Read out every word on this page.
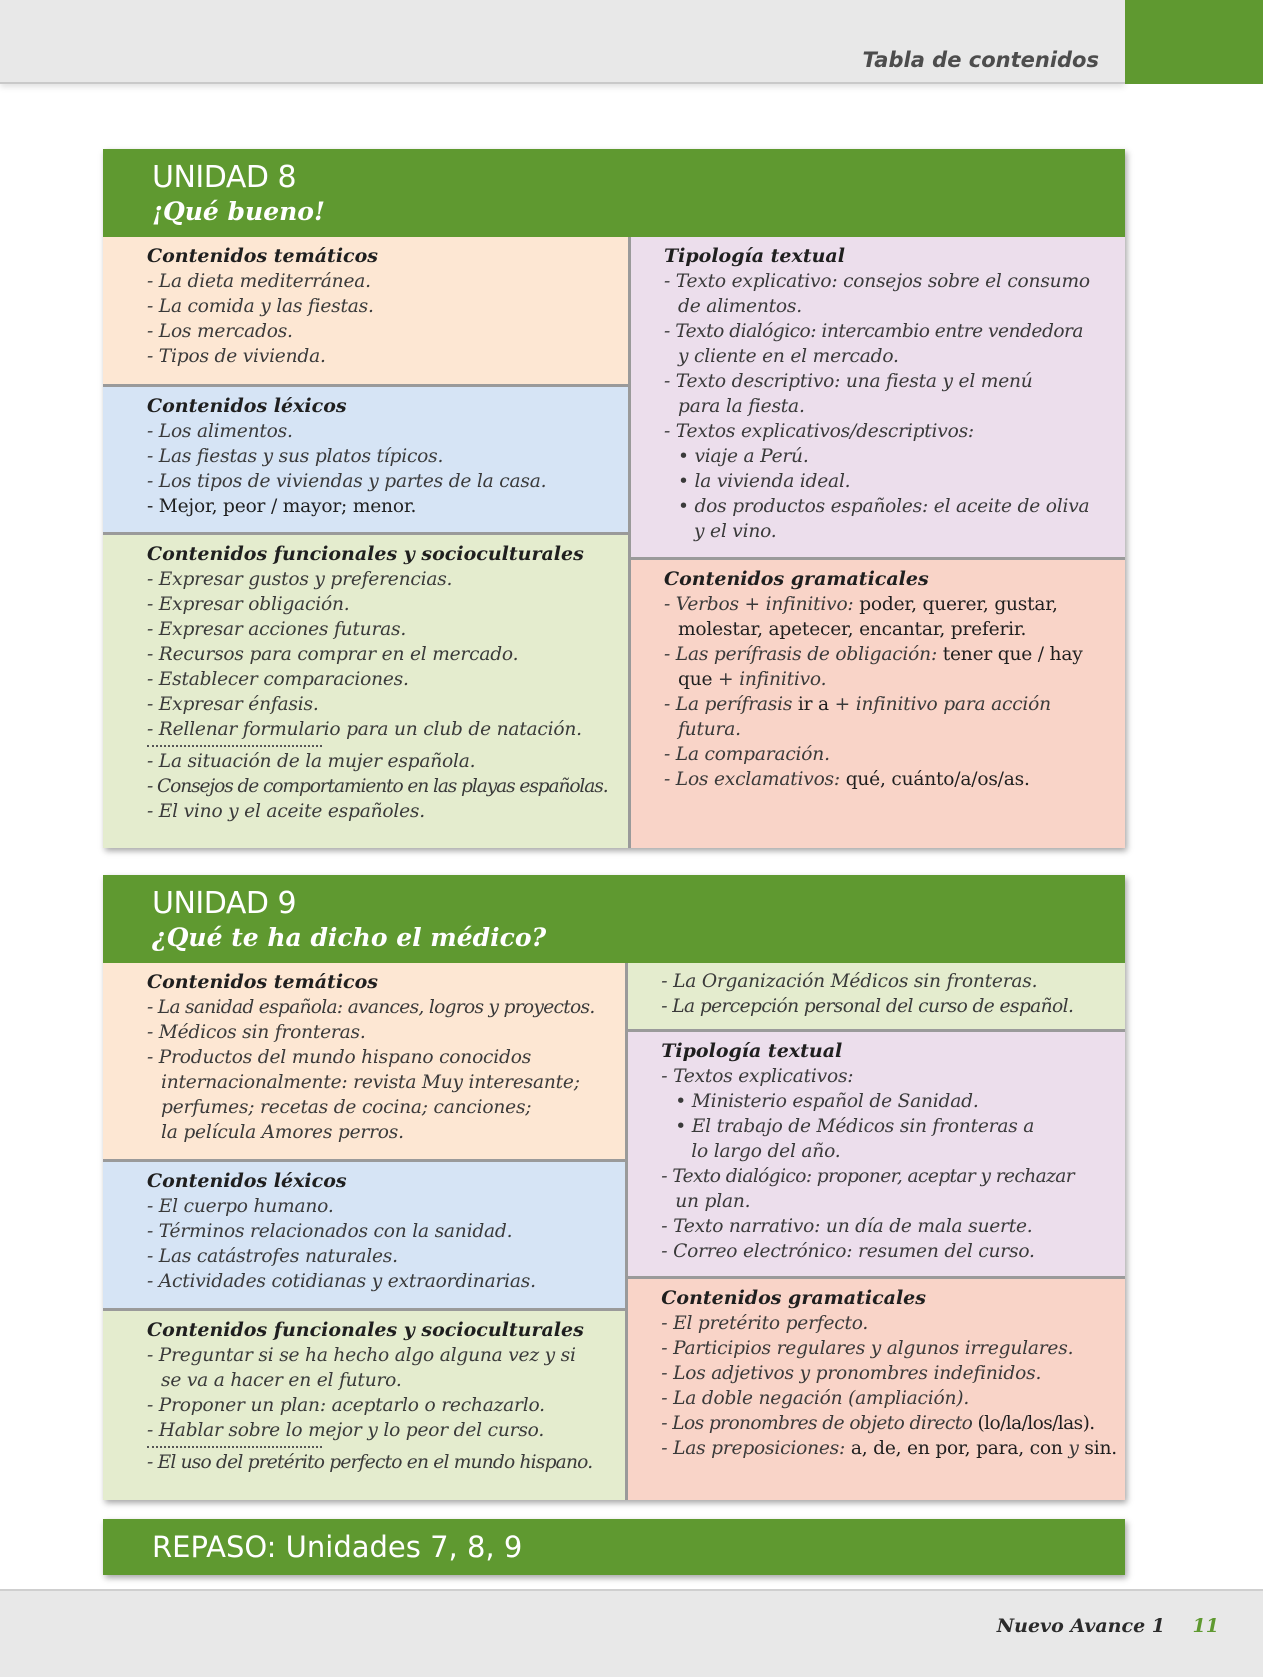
Tabla de contenidos
UNIDAD 8
¡Qué bueno!
Contenidos temáticos
- La dieta mediterránea.
- La comida y las fiestas.
- Los mercados.
- Tipos de vivienda.
Contenidos léxicos
- Los alimentos.
- Las fiestas y sus platos típicos.
- Los tipos de viviendas y partes de la casa.
- Mejor, peor / mayor; menor.
Contenidos funcionales y socioculturales
- Expresar gustos y preferencias.
- Expresar obligación.
- Expresar acciones futuras.
- Recursos para comprar en el mercado.
- Establecer comparaciones.
- Expresar énfasis.
- Rellenar formulario para un club de natación.
- La situación de la mujer española.
- Consejos de comportamiento en las playas españolas.
- El vino y el aceite españoles.
Tipología textual
- Texto explicativo: consejos sobre el consumo
de alimentos.
- Texto dialógico: intercambio entre vendedora
y cliente en el mercado.
- Texto descriptivo: una fiesta y el menú
para la fiesta.
- Textos explicativos/descriptivos:
• viaje a Perú.
• la vivienda ideal.
• dos productos españoles: el aceite de oliva
y el vino.
Contenidos gramaticales
- Verbos + infinitivo: poder, querer, gustar,
molestar, apetecer, encantar, preferir.
- Las perífrasis de obligación: tener que / hay
que + infinitivo.
- La perífrasis ir a + infinitivo para acción
futura.
- La comparación.
- Los exclamativos: qué, cuánto/a/os/as.
UNIDAD 9
¿Qué te ha dicho el médico?
Contenidos temáticos
- La sanidad española: avances, logros y proyectos.
- Médicos sin fronteras.
- Productos del mundo hispano conocidos
internacionalmente: revista Muy interesante;
perfumes; recetas de cocina; canciones;
la película Amores perros.
Contenidos léxicos
- El cuerpo humano.
- Términos relacionados con la sanidad.
- Las catástrofes naturales.
- Actividades cotidianas y extraordinarias.
Contenidos funcionales y socioculturales
- Preguntar si se ha hecho algo alguna vez y si
se va a hacer en el futuro.
- Proponer un plan: aceptarlo o rechazarlo.
- Hablar sobre lo mejor y lo peor del curso.
- El uso del pretérito perfecto en el mundo hispano.
- La Organización Médicos sin fronteras.
- La percepción personal del curso de español.
Tipología textual
- Textos explicativos:
• Ministerio español de Sanidad.
• El trabajo de Médicos sin fronteras a
lo largo del año.
- Texto dialógico: proponer, aceptar y rechazar
un plan.
- Texto narrativo: un día de mala suerte.
- Correo electrónico: resumen del curso.
Contenidos gramaticales
- El pretérito perfecto.
- Participios regulares y algunos irregulares.
- Los adjetivos y pronombres indefinidos.
- La doble negación (ampliación).
- Los pronombres de objeto directo (lo/la/los/las).
- Las preposiciones: a, de, en por, para, con y sin.
REPASO: Unidades 7, 8, 9
Nuevo Avance 1 11
